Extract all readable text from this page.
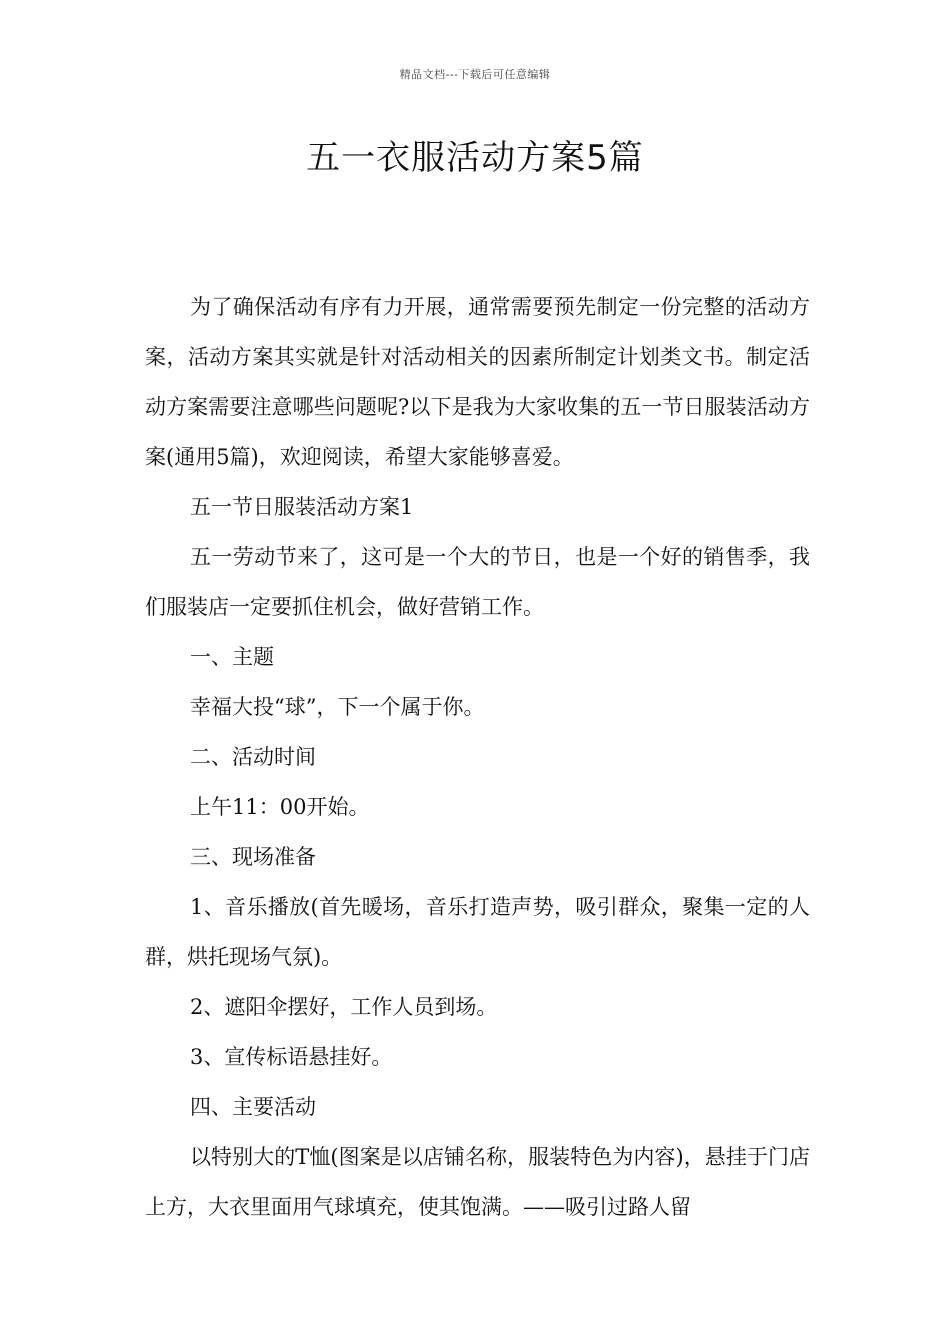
精品文档---下载后可任意编辑
五一衣服活动方案5篇

为了确保活动有序有力开展，通常需要预先制定一份完整的活动方案，活动方案其实就是针对活动相关的因素所制定计划类文书。制定活动方案需要注意哪些问题呢?以下是我为大家收集的五一节日服装活动方案(通用5篇)，欢迎阅读，希望大家能够喜爱。

五一节日服装活动方案1

五一劳动节来了，这可是一个大的节日，也是一个好的销售季，我们服装店一定要抓住机会，做好营销工作。

一、主题

幸福大投“球”，下一个属于你。

二、活动时间

上午11：00开始。

三、现场准备

1、音乐播放(首先暖场，音乐打造声势，吸引群众，聚集一定的人群，烘托现场气氛)。

2、遮阳伞摆好，工作人员到场。

3、宣传标语悬挂好。

四、主要活动

以特别大的T恤(图案是以店铺名称，服装特色为内容)，悬挂于门店上方，大衣里面用气球填充，使其饱满。——吸引过路人留
